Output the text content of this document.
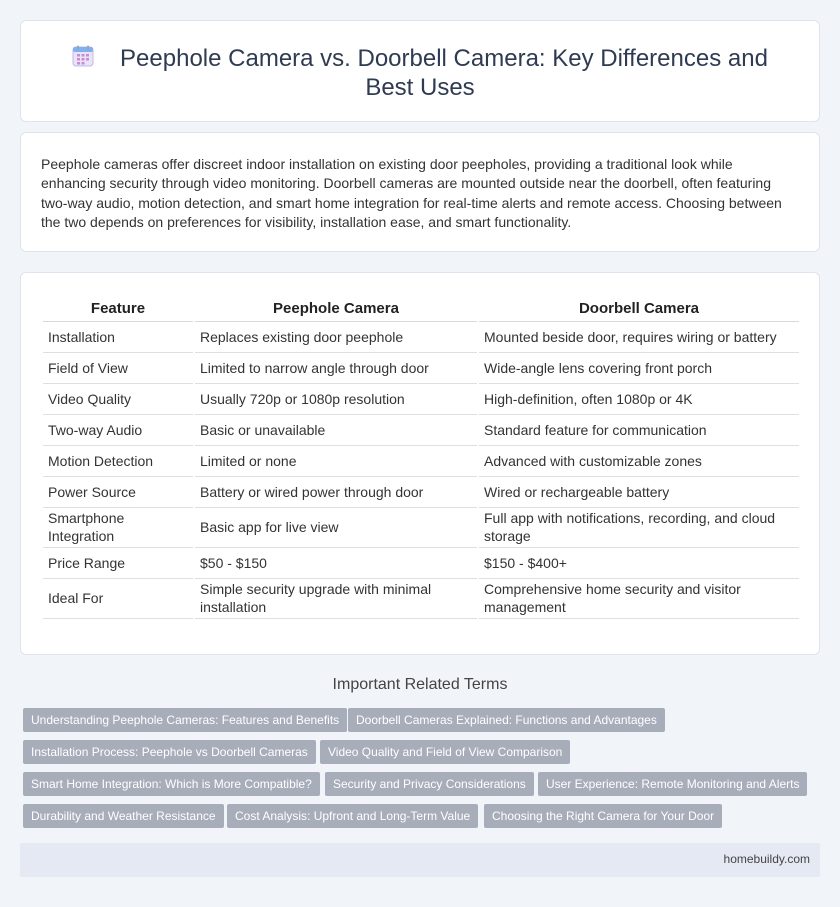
Peephole Camera vs. Doorbell Camera: Key Differences and Best Uses

Peephole cameras offer discreet indoor installation on existing door peepholes, providing a traditional look while enhancing security through video monitoring. Doorbell cameras are mounted outside near the doorbell, often featuring two-way audio, motion detection, and smart home integration for real-time alerts and remote access. Choosing between the two depends on preferences for visibility, installation ease, and smart functionality.

Feature	Peephole Camera	Doorbell Camera
Installation	Replaces existing door peephole	Mounted beside door, requires wiring or battery
Field of View	Limited to narrow angle through door	Wide-angle lens covering front porch
Video Quality	Usually 720p or 1080p resolution	High-definition, often 1080p or 4K
Two-way Audio	Basic or unavailable	Standard feature for communication
Motion Detection	Limited or none	Advanced with customizable zones
Power Source	Battery or wired power through door	Wired or rechargeable battery
Smartphone Integration	Basic app for live view	Full app with notifications, recording, and cloud storage
Price Range	$50 - $150	$150 - $400+
Ideal For	Simple security upgrade with minimal installation	Comprehensive home security and visitor management
Important Related Terms
Understanding Peephole Cameras: Features and Benefits	Doorbell Cameras Explained: Functions and Advantages
Installation Process: Peephole vs Doorbell Cameras	Video Quality and Field of View Comparison
Smart Home Integration: Which is More Compatible?	Security and Privacy Considerations	User Experience: Remote Monitoring and Alerts
Durability and Weather Resistance	Cost Analysis: Upfront and Long-Term Value	Choosing the Right Camera for Your Door
homebuildy.com
